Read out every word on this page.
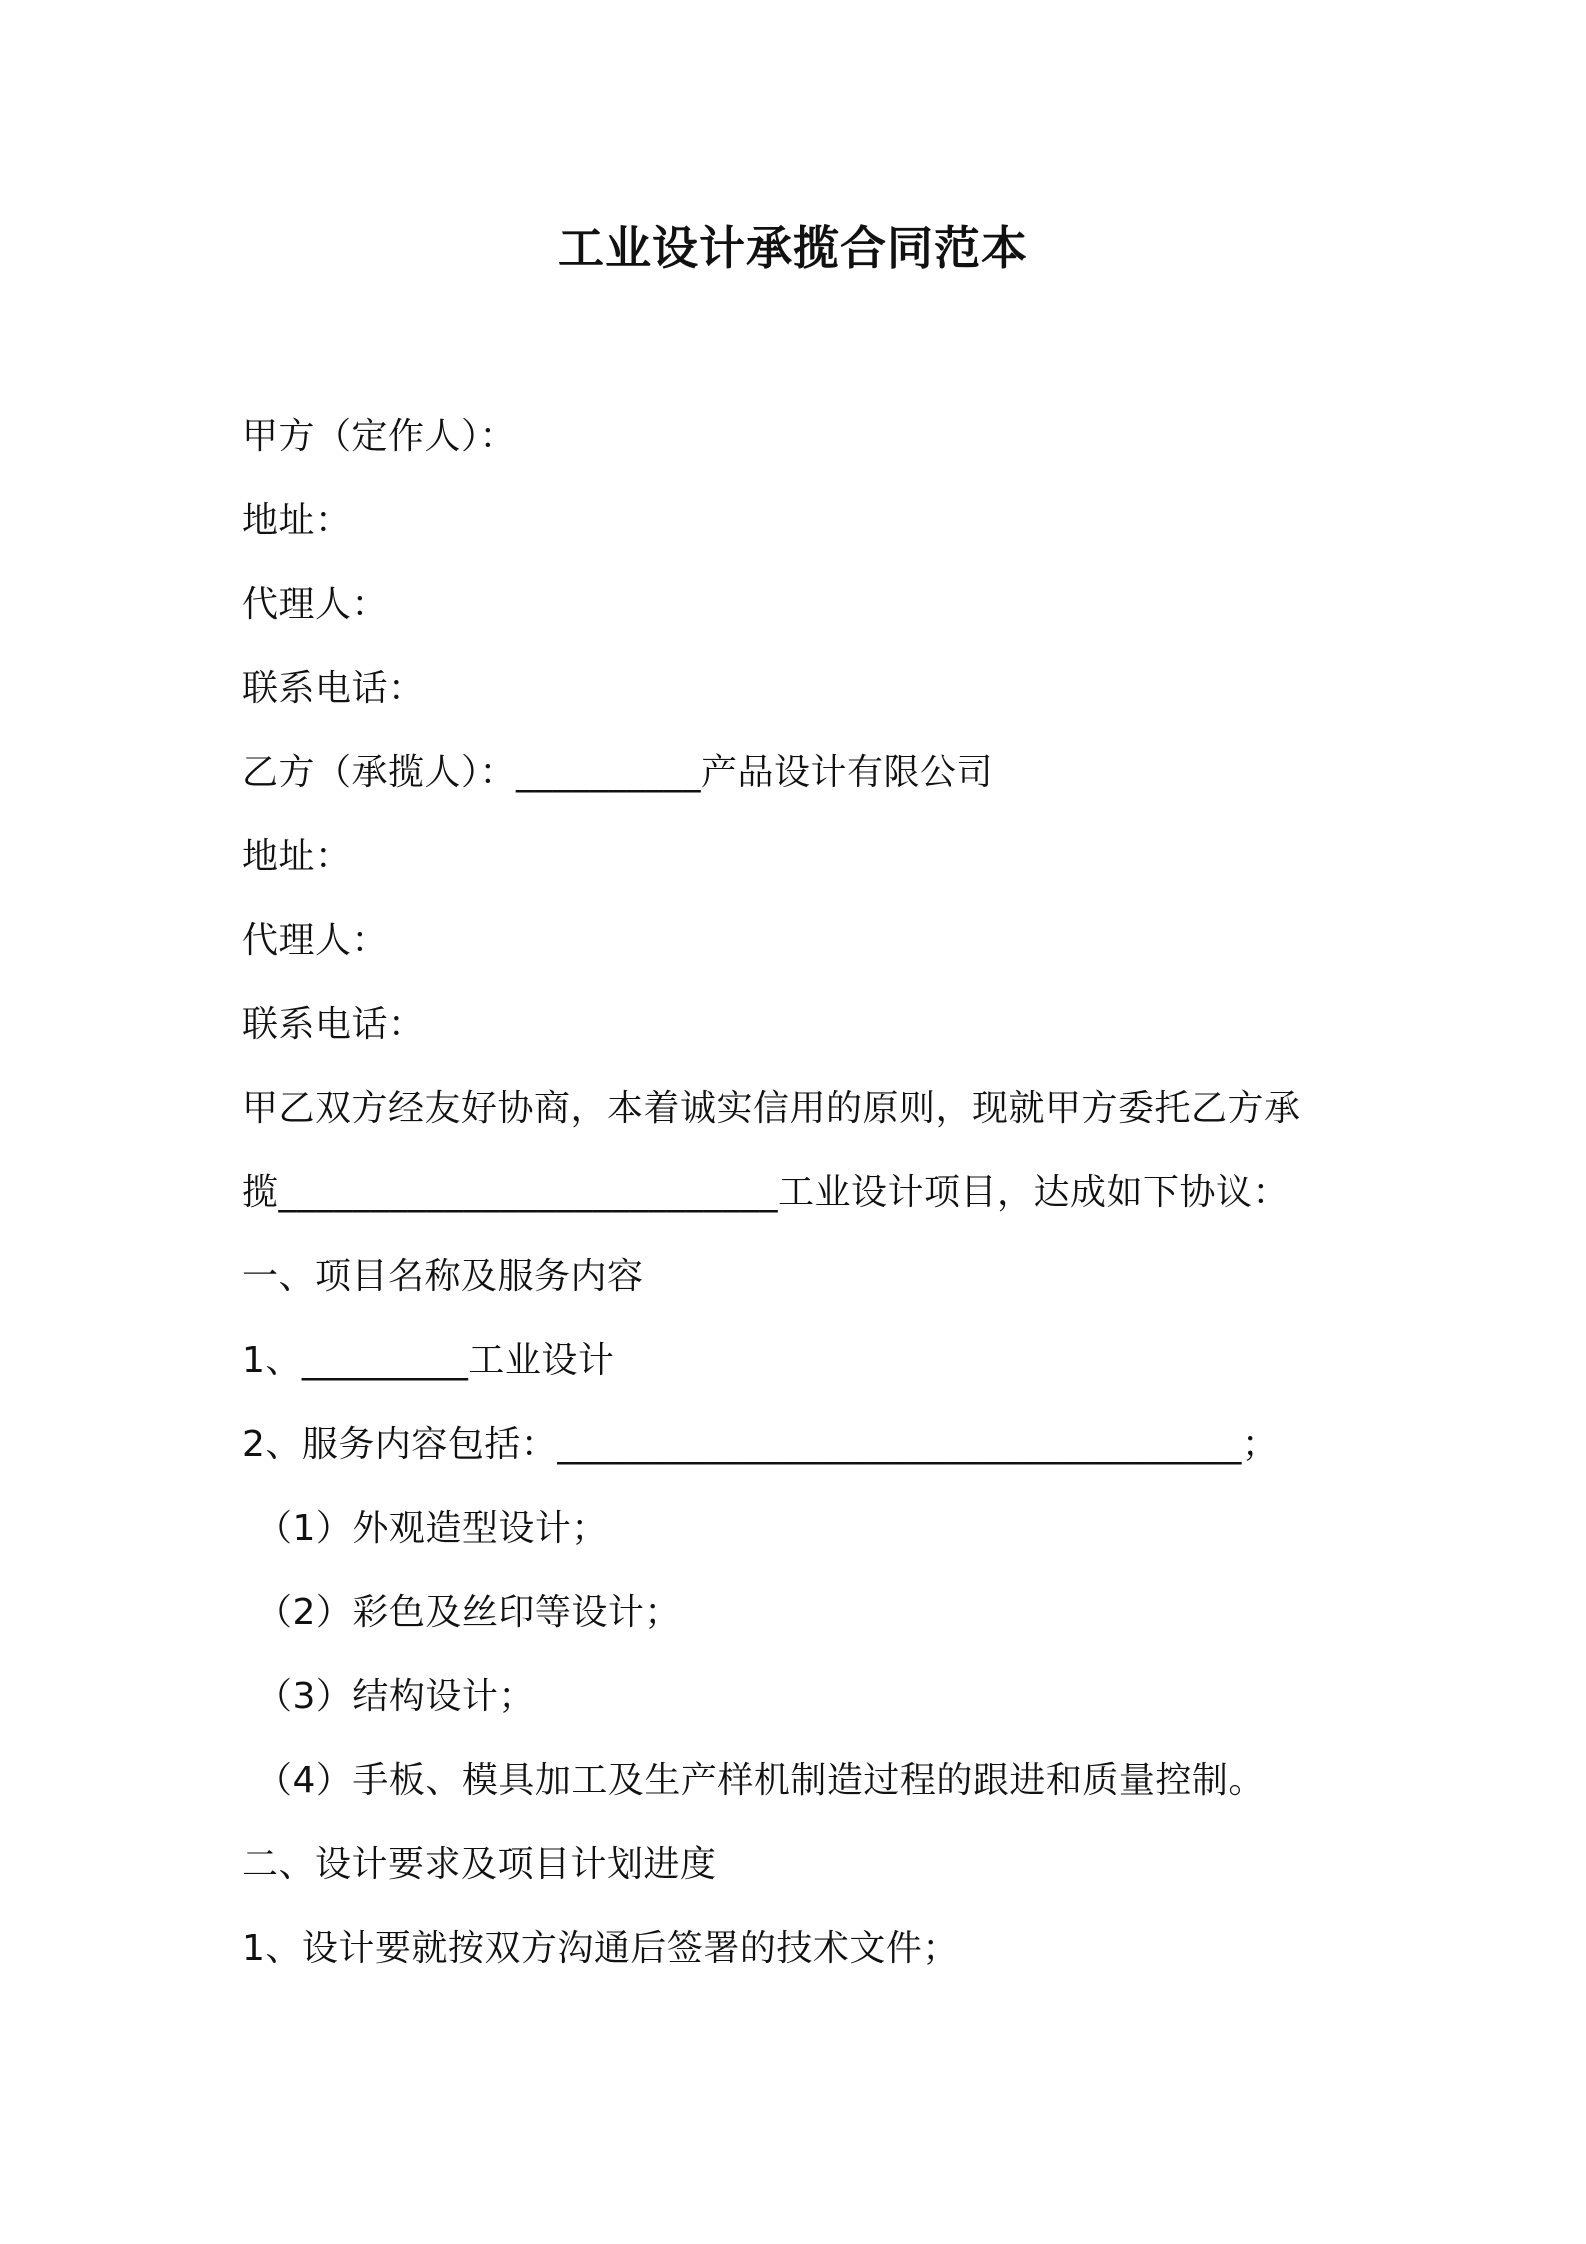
工业设计承揽合同范本
甲方（定作人）：
地址：
代理人：
联系电话：
乙方（承揽人）：__________产品设计有限公司
地址：
代理人：
联系电话：
甲乙双方经友好协商，本着诚实信用的原则，现就甲方委托乙方承
揽___________________________工业设计项目，达成如下协议：
一、项目名称及服务内容
1、_________工业设计
2、服务内容包括：_____________________________________；
（1）外观造型设计；
（2）彩色及丝印等设计；
（3）结构设计；
（4）手板、模具加工及生产样机制造过程的跟进和质量控制。
二、设计要求及项目计划进度
1、设计要就按双方沟通后签署的技术文件；
